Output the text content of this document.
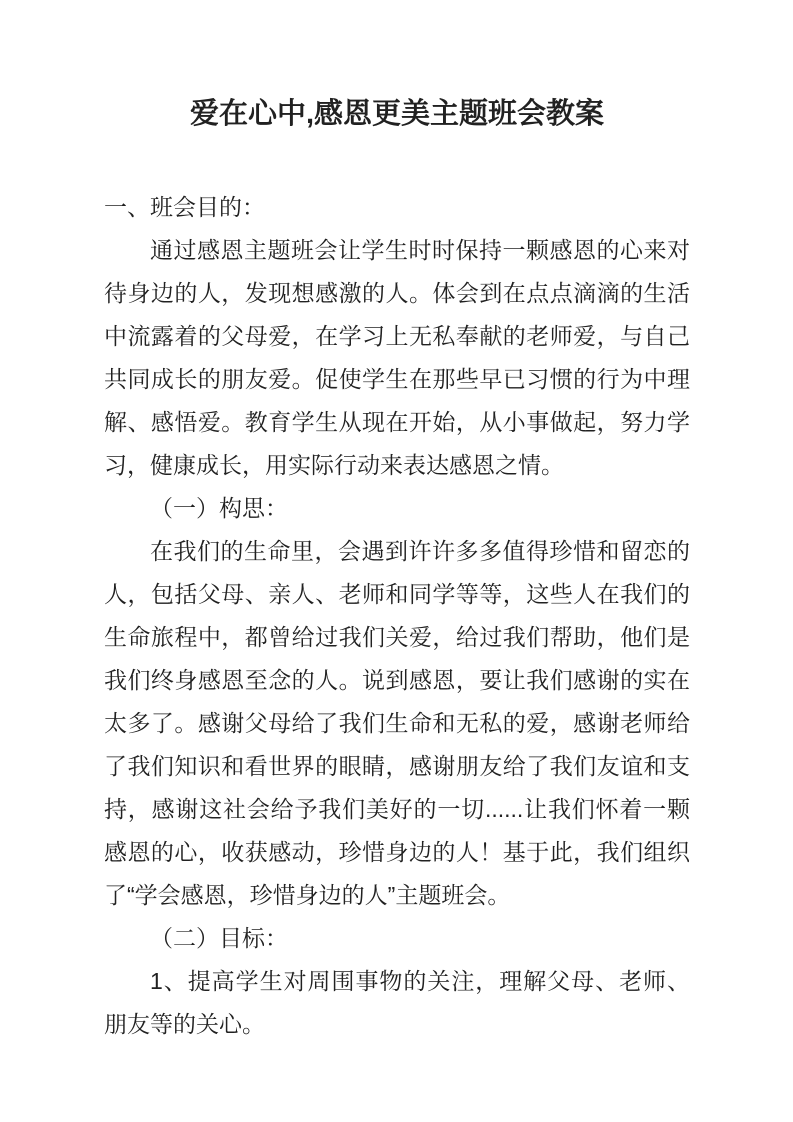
爱在心中,感恩更美主题班会教案

一、班会目的：

通过感恩主题班会让学生时时保持一颗感恩的心来对待身边的人，发现想感激的人。体会到在点点滴滴的生活中流露着的父母爱，在学习上无私奉献的老师爱，与自己共同成长的朋友爱。促使学生在那些早已习惯的行为中理解、感悟爱。教育学生从现在开始，从小事做起，努力学习，健康成长，用实际行动来表达感恩之情。

（一）构思：

在我们的生命里，会遇到许许多多值得珍惜和留恋的人，包括父母、亲人、老师和同学等等，这些人在我们的生命旅程中，都曾给过我们关爱，给过我们帮助，他们是我们终身感恩至念的人。说到感恩，要让我们感谢的实在太多了。感谢父母给了我们生命和无私的爱，感谢老师给了我们知识和看世界的眼睛，感谢朋友给了我们友谊和支持，感谢这社会给予我们美好的一切......让我们怀着一颗感恩的心，收获感动，珍惜身边的人！基于此，我们组织了“学会感恩，珍惜身边的人”主题班会。

（二）目标：

1、提高学生对周围事物的关注，理解父母、老师、朋友等的关心。
